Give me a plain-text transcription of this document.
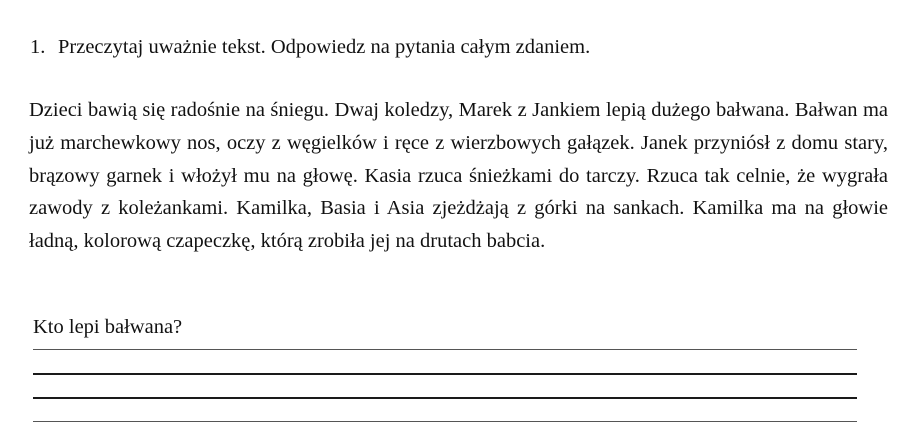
1. Przeczytaj uważnie tekst. Odpowiedz na pytania całym zdaniem.

Dzieci bawią się radośnie na śniegu. Dwaj koledzy, Marek z Jankiem lepią dużego bałwana. Bałwan ma już marchewkowy nos, oczy z węgielków i ręce z wierzbowych gałązek. Janek przyniósł z domu stary, brązowy garnek i włożył mu na głowę. Kasia rzuca śnieżkami do tarczy. Rzuca tak celnie, że wygrała zawody z koleżankami. Kamilka, Basia i Asia zjeżdżają z górki na sankach. Kamilka ma na głowie ładną, kolorową czapeczkę, którą zrobiła jej na drutach babcia.

Kto lepi bałwana?
